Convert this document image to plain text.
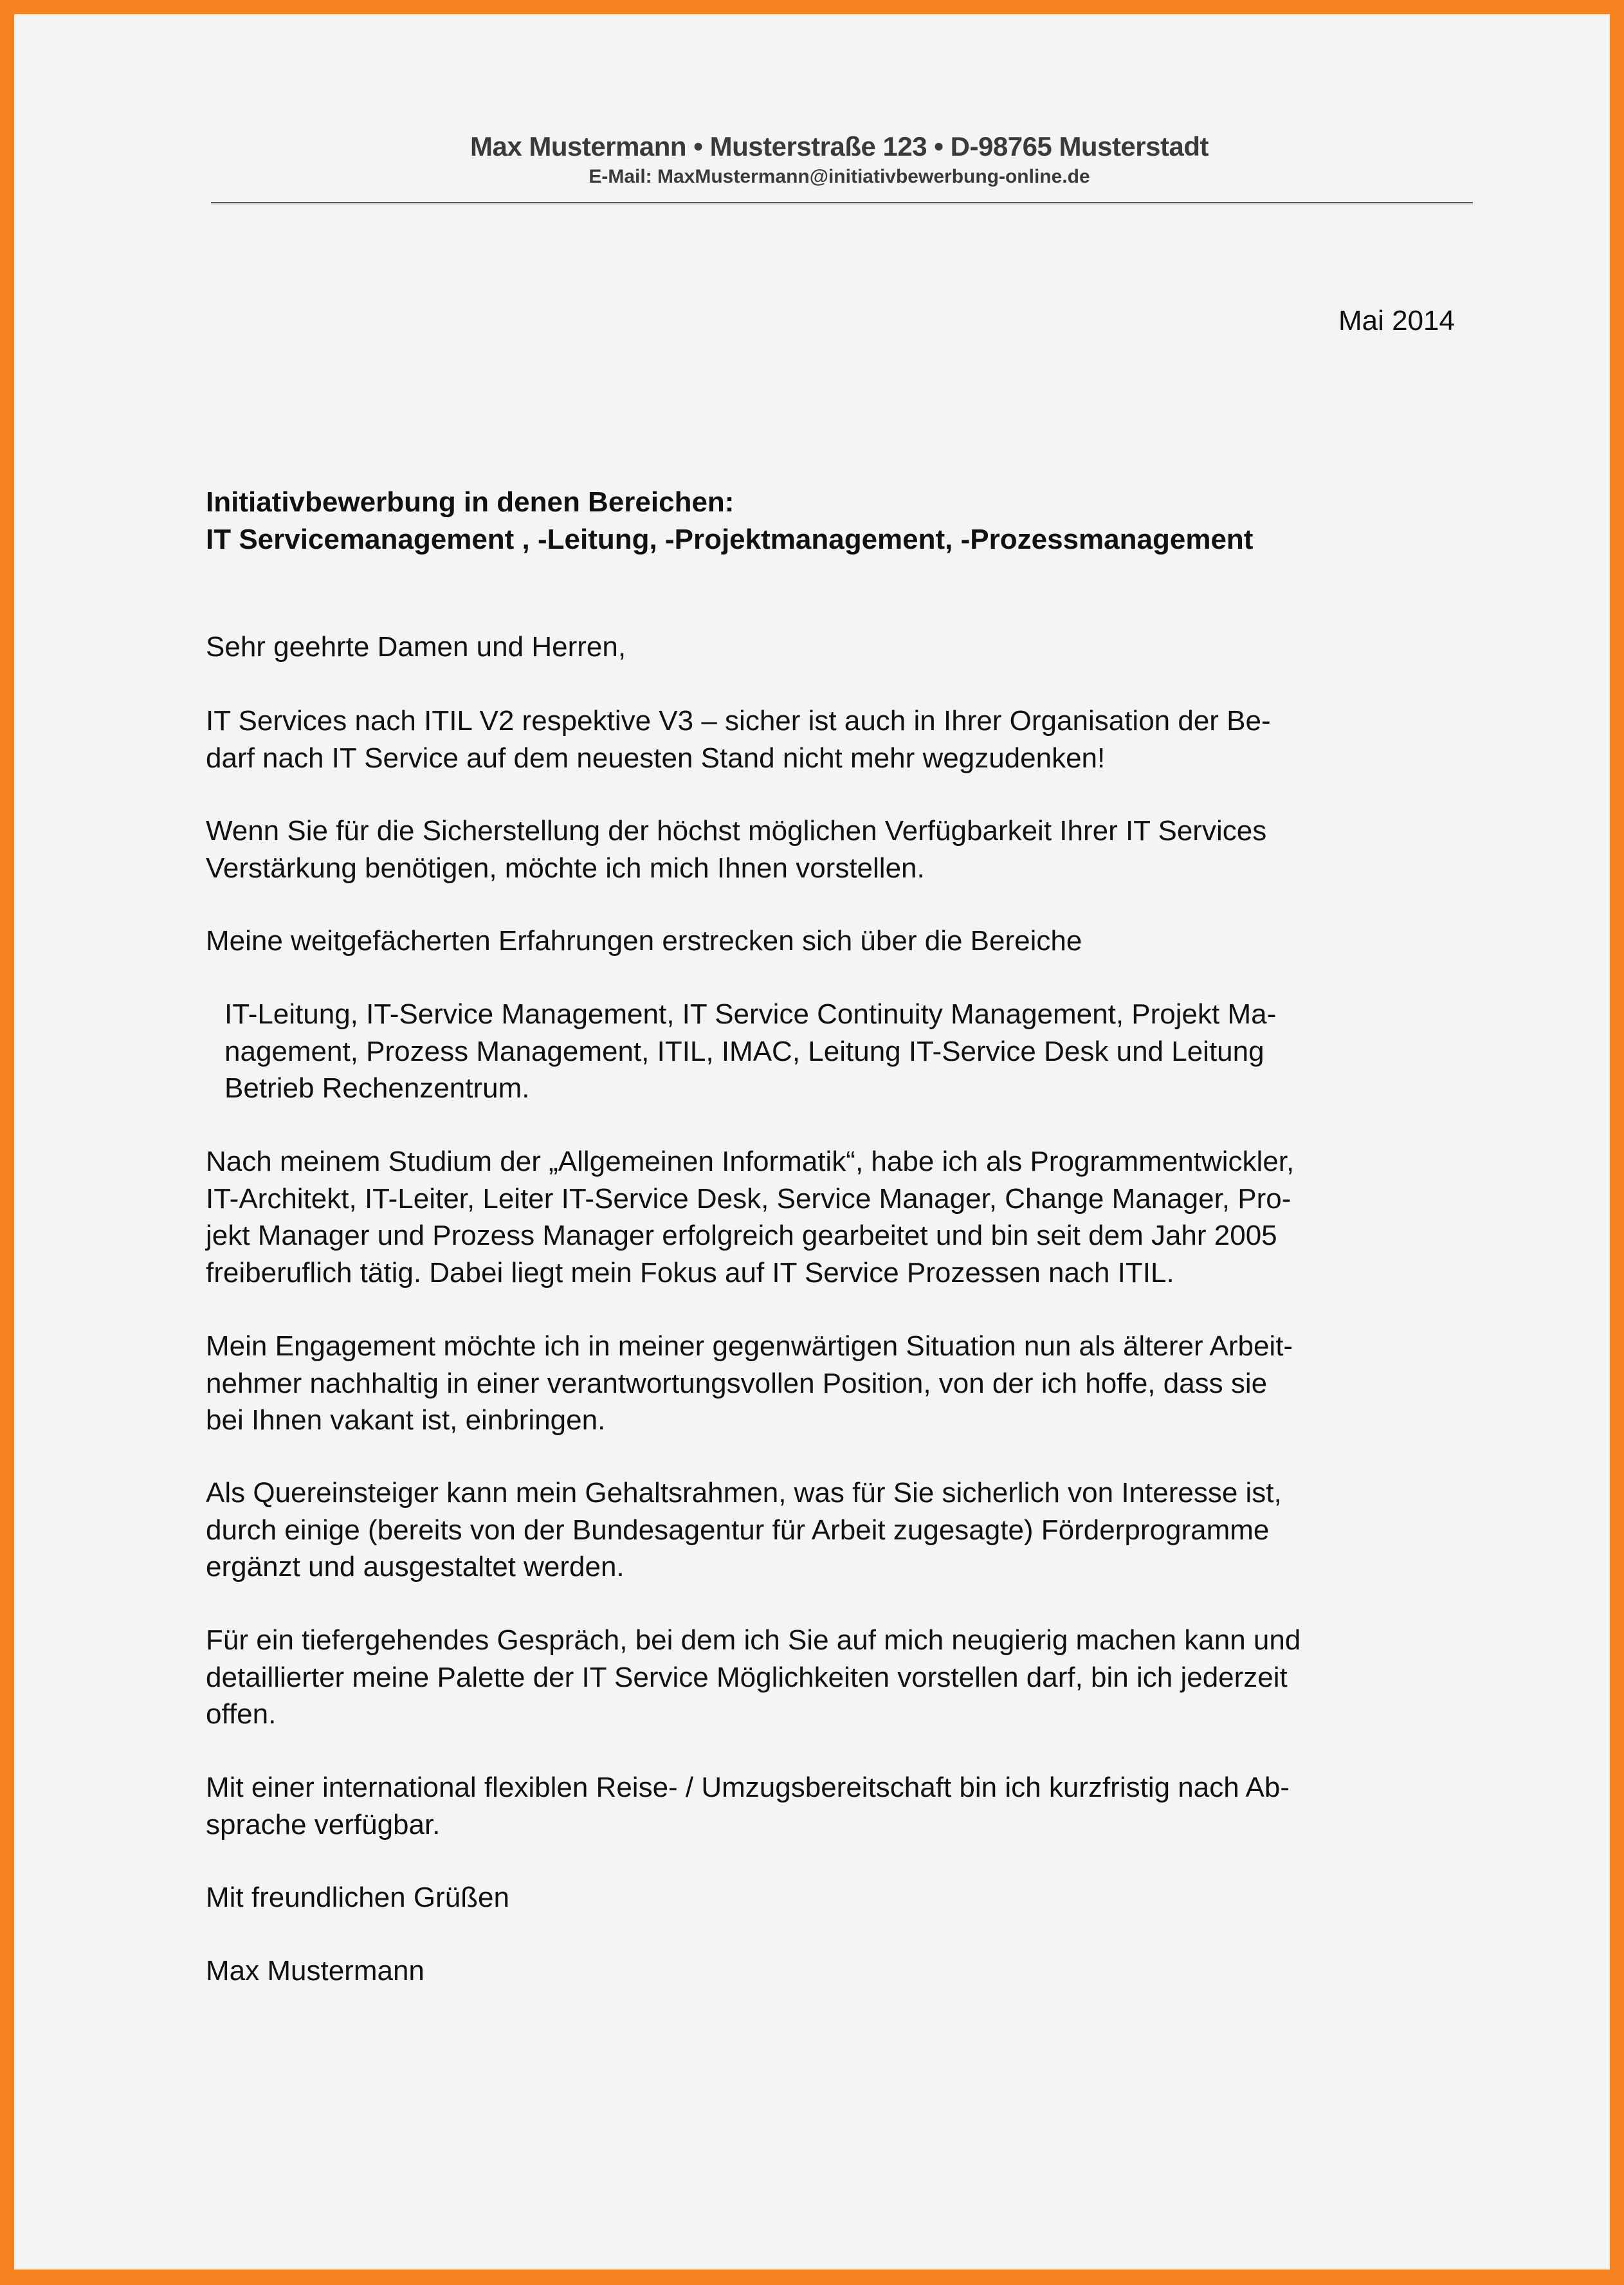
Max Mustermann • Musterstraße 123 • D-98765 Musterstadt
E-Mail: MaxMustermann@initiativbewerbung-online.de
Mai 2014
Initiativbewerbung in denen Bereichen:
IT Servicemanagement , -Leitung, -Projektmanagement, -Prozessmanagement
Sehr geehrte Damen und Herren,
IT Services nach ITIL V2 respektive V3 – sicher ist auch in Ihrer Organisation der Be-
darf nach IT Service auf dem neuesten Stand nicht mehr wegzudenken!
Wenn Sie für die Sicherstellung der höchst möglichen Verfügbarkeit Ihrer IT Services
Verstärkung benötigen, möchte ich mich Ihnen vorstellen.
Meine weitgefächerten Erfahrungen erstrecken sich über die Bereiche
IT-Leitung, IT-Service Management, IT Service Continuity Management, Projekt Ma-
nagement, Prozess Management, ITIL, IMAC, Leitung IT-Service Desk und Leitung
Betrieb Rechenzentrum.
Nach meinem Studium der „Allgemeinen Informatik“, habe ich als Programmentwickler,
IT-Architekt, IT-Leiter, Leiter IT-Service Desk, Service Manager, Change Manager, Pro-
jekt Manager und Prozess Manager erfolgreich gearbeitet und bin seit dem Jahr 2005
freiberuflich tätig. Dabei liegt mein Fokus auf IT Service Prozessen nach ITIL.
Mein Engagement möchte ich in meiner gegenwärtigen Situation nun als älterer Arbeit-
nehmer nachhaltig in einer verantwortungsvollen Position, von der ich hoffe, dass sie
bei Ihnen vakant ist, einbringen.
Als Quereinsteiger kann mein Gehaltsrahmen, was für Sie sicherlich von Interesse ist,
durch einige (bereits von der Bundesagentur für Arbeit zugesagte) Förderprogramme
ergänzt und ausgestaltet werden.
Für ein tiefergehendes Gespräch, bei dem ich Sie auf mich neugierig machen kann und
detaillierter meine Palette der IT Service Möglichkeiten vorstellen darf, bin ich jederzeit
offen.
Mit einer international flexiblen Reise- / Umzugsbereitschaft bin ich kurzfristig nach Ab-
sprache verfügbar.
Mit freundlichen Grüßen
Max Mustermann
